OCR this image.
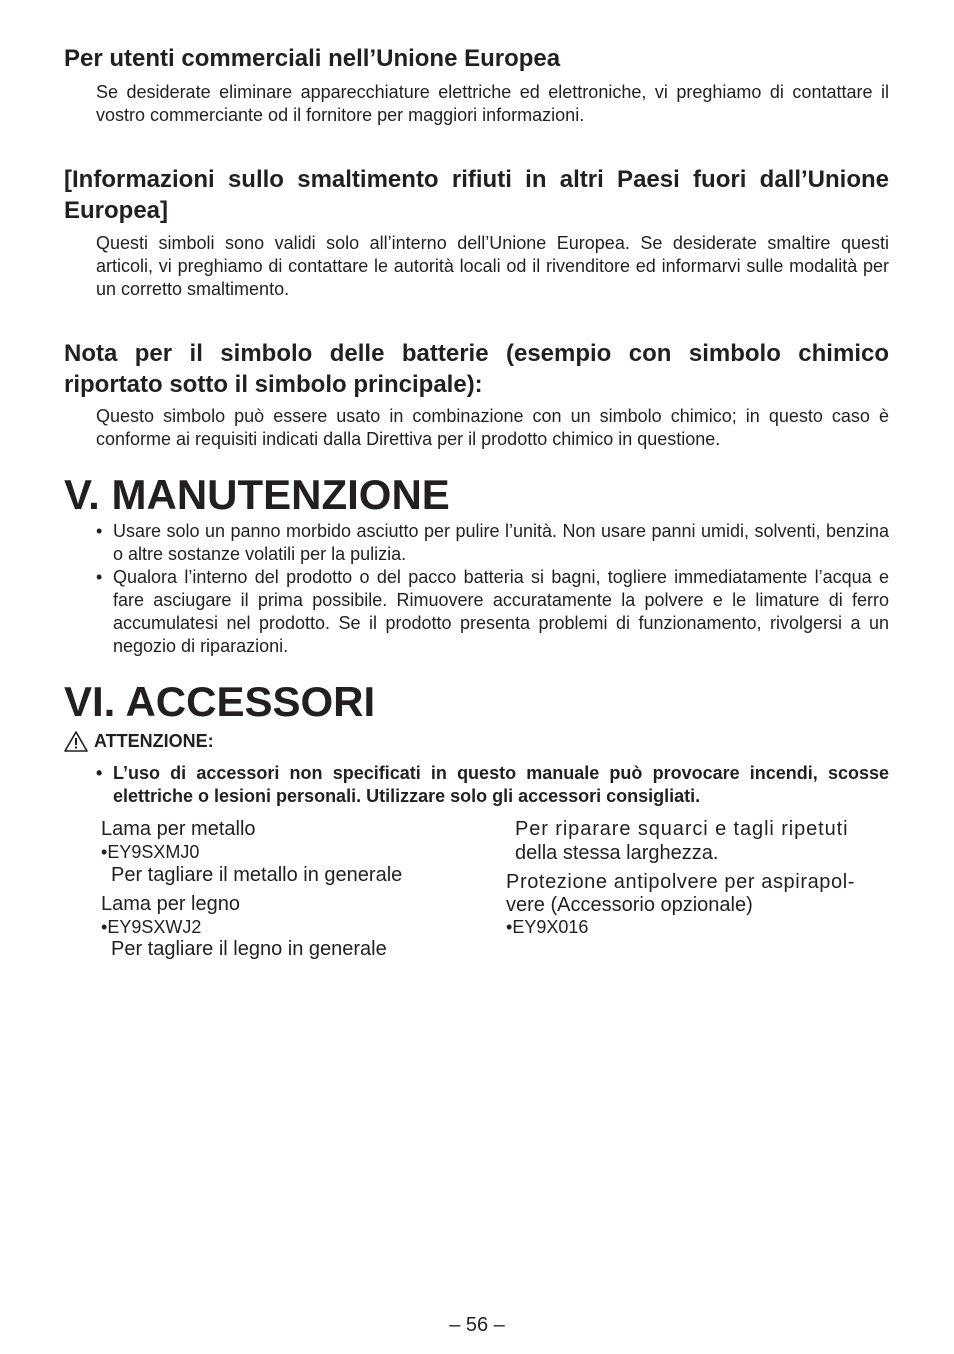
Per utenti commerciali nell’Unione Europea

Se desiderate eliminare apparecchiature elettriche ed elettroniche, vi preghiamo di contattare il vostro commerciante od il fornitore per maggiori informazioni.

[Informazioni sullo smaltimento rifiuti in altri Paesi fuori dall’Unione Europea]

Questi simboli sono validi solo all’interno dell’Unione Europea. Se desiderate smaltire questi articoli, vi preghiamo di contattare le autorità locali od il rivenditore ed informarvi sulle modalità per un corretto smaltimento.

Nota per il simbolo delle batterie (esempio con simbolo chimico riportato sotto il simbolo principale):

Questo simbolo può essere usato in combinazione con un simbolo chimico; in questo caso è conforme ai requisiti indicati dalla Direttiva per il prodotto chimico in questione.

V. MANUTENZIONE
• Usare solo un panno morbido asciutto per pulire l’unità. Non usare panni umidi, solventi, benzina o altre sostanze volatili per la pulizia.
• Qualora l’interno del prodotto o del pacco batteria si bagni, togliere immediatamente l’acqua e fare asciugare il prima possibile. Rimuovere accuratamente la polvere e le limature di ferro accumulatesi nel prodotto. Se il prodotto presenta problemi di funzionamento, rivolgersi a un negozio di riparazioni.
VI. ACCESSORI
ATTENZIONE:
• L’uso di accessori non specificati in questo manuale può provocare incendi, scosse elettriche o lesioni personali. Utilizzare solo gli accessori consigliati.
Lama per metallo
•EY9SXMJ0
Per tagliare il metallo in generale
Lama per legno
•EY9SXWJ2
Per tagliare il legno in generale
Per riparare squarci e tagli ripetuti
della stessa larghezza.
Protezione antipolvere per aspirapol-
vere (Accessorio opzionale)
•EY9X016
– 56 –
